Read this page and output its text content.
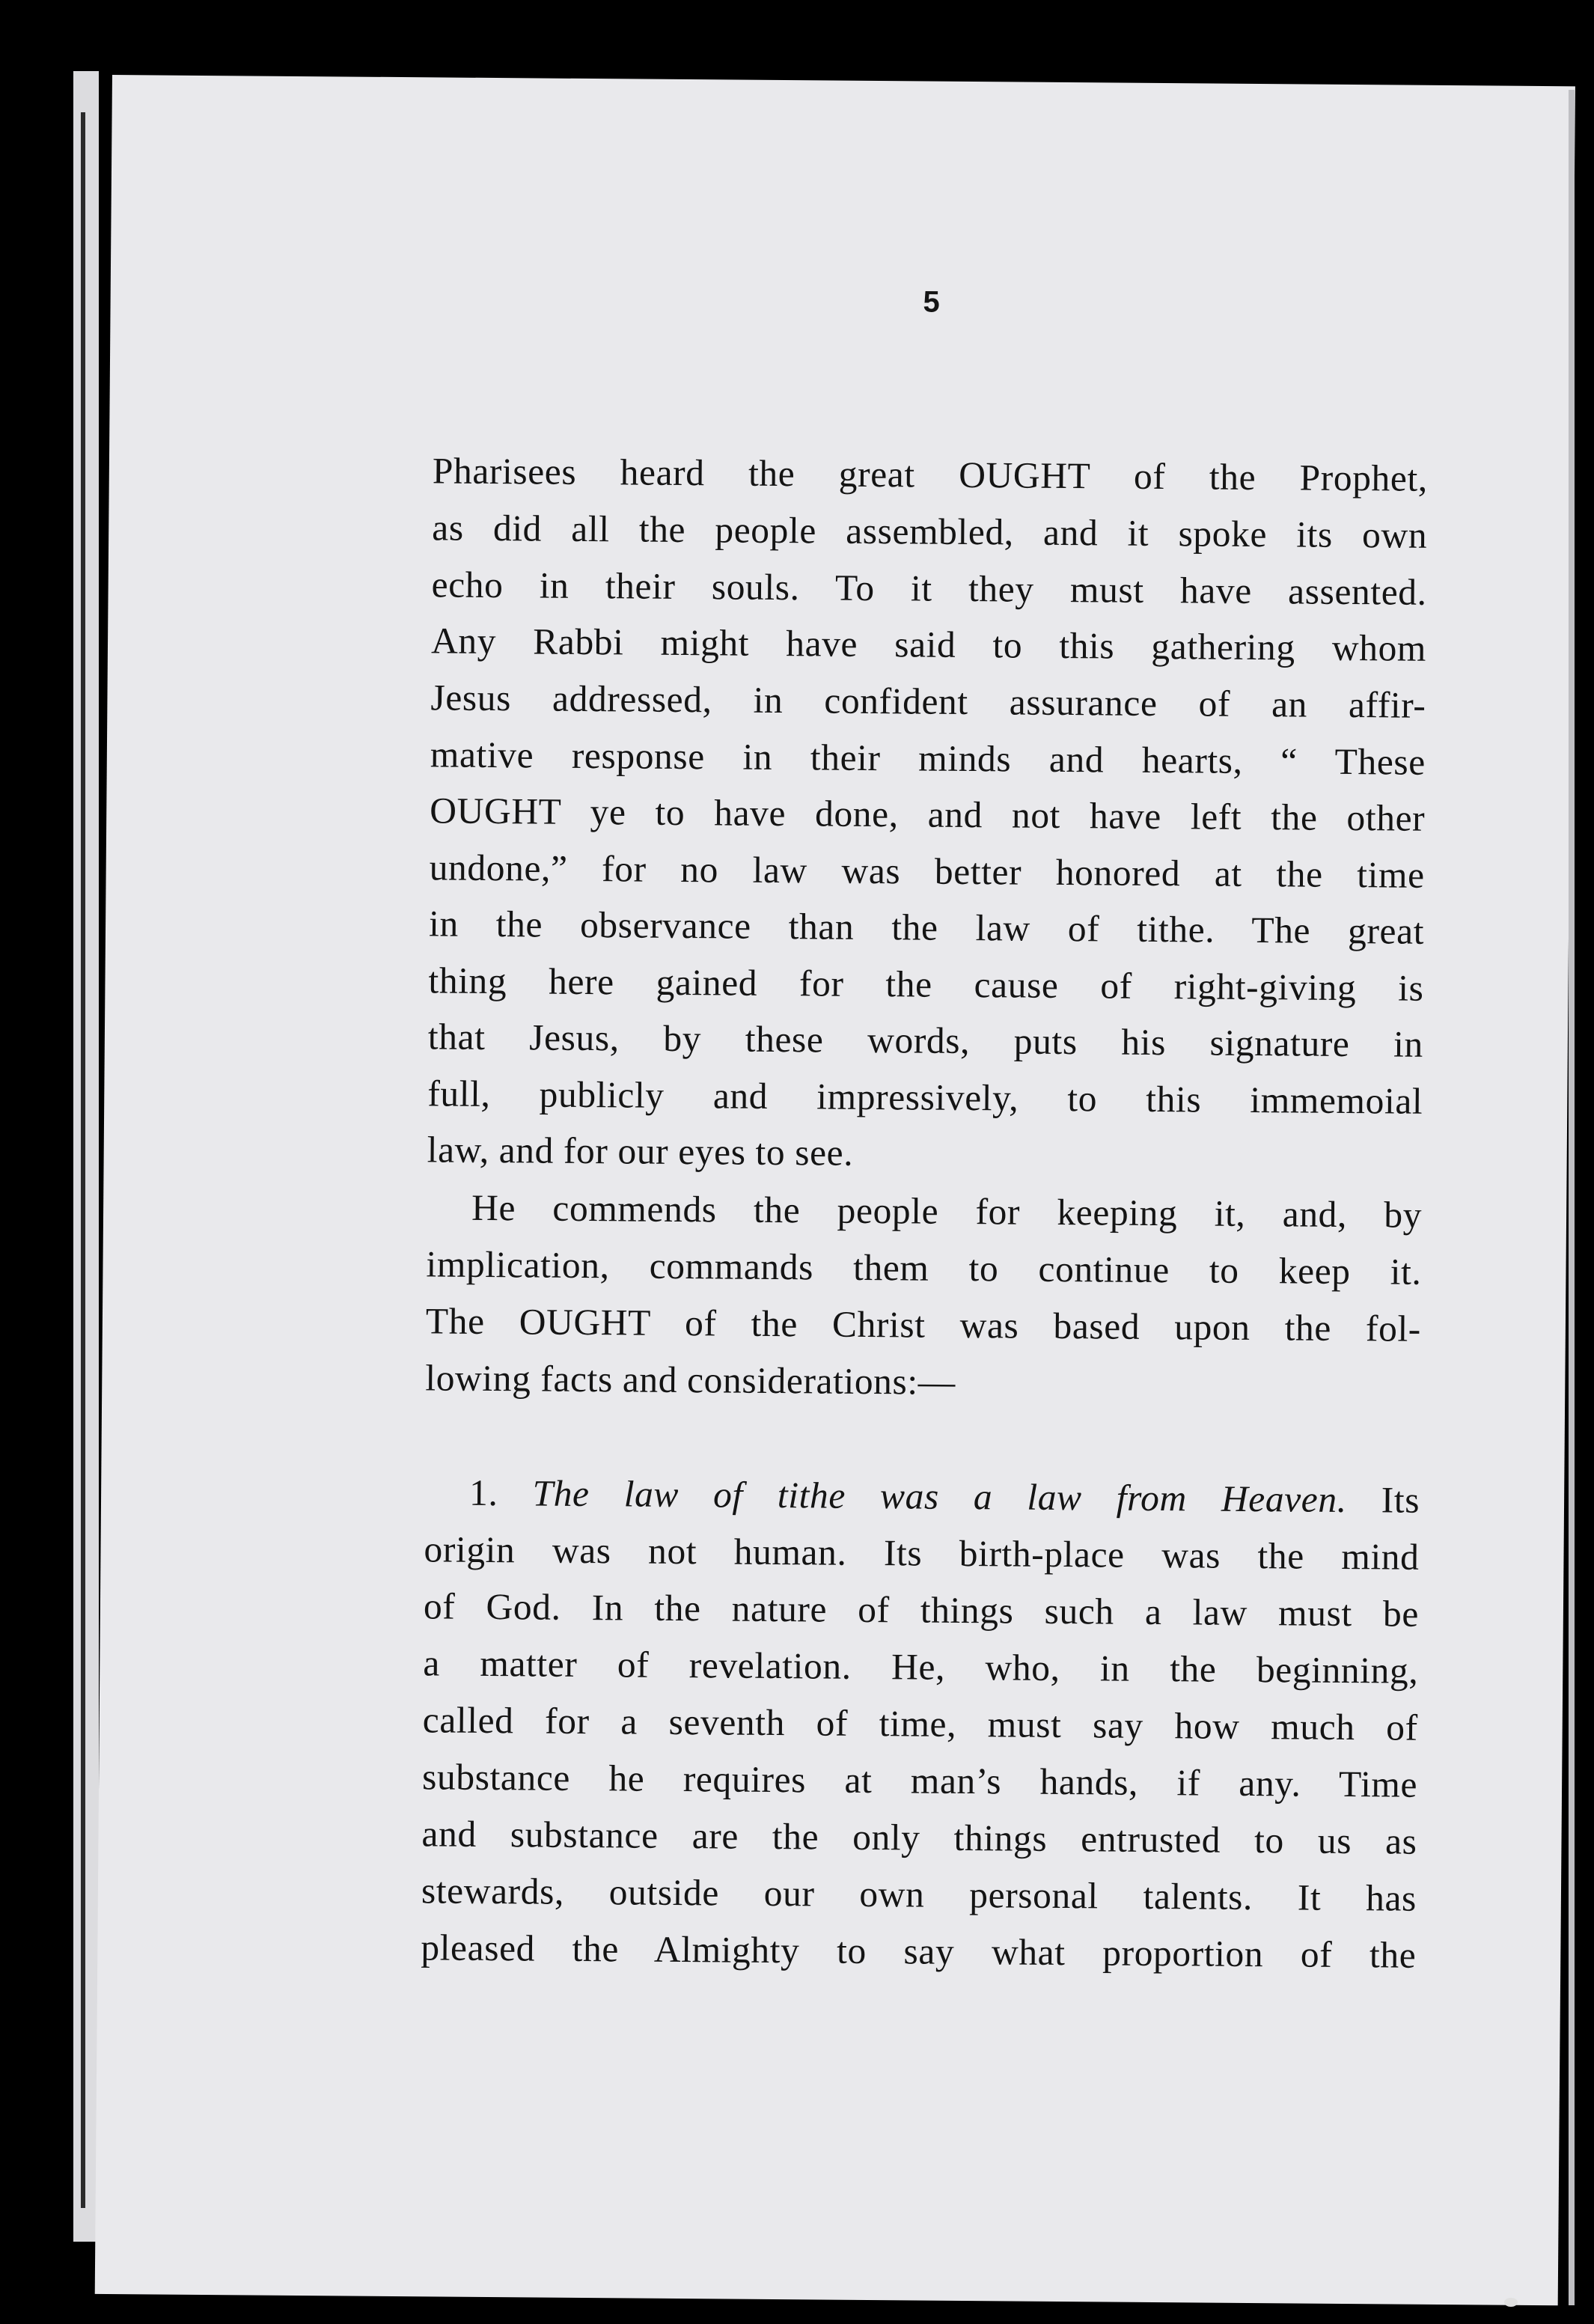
5
Pharisees heard the great OUGHT of the Prophet,
as did all the people assembled, and it spoke its own
echo in their souls. To it they must have assented.
Any Rabbi might have said to this gathering whom
Jesus addressed, in confident assurance of an affir-
mative response in their minds and hearts, “ These
OUGHT ye to have done, and not have left the other
undone,” for no law was better honored at the time
in the observance than the law of tithe. The great
thing here gained for the cause of right-giving is
that Jesus, by these words, puts his signature in
full, publicly and impressively, to this immemoial
law, and for our eyes to see.
He commends the people for keeping it, and, by
implication, commands them to continue to keep it.
The OUGHT of the Christ was based upon the fol-
lowing facts and considerations:—
1. The law of tithe was a law from Heaven. Its
origin was not human. Its birth-place was the mind
of God. In the nature of things such a law must be
a matter of revelation. He, who, in the beginning,
called for a seventh of time, must say how much of
substance he requires at man’s hands, if any. Time
and substance are the only things entrusted to us as
stewards, outside our own personal talents. It has
pleased the Almighty to say what proportion of the
